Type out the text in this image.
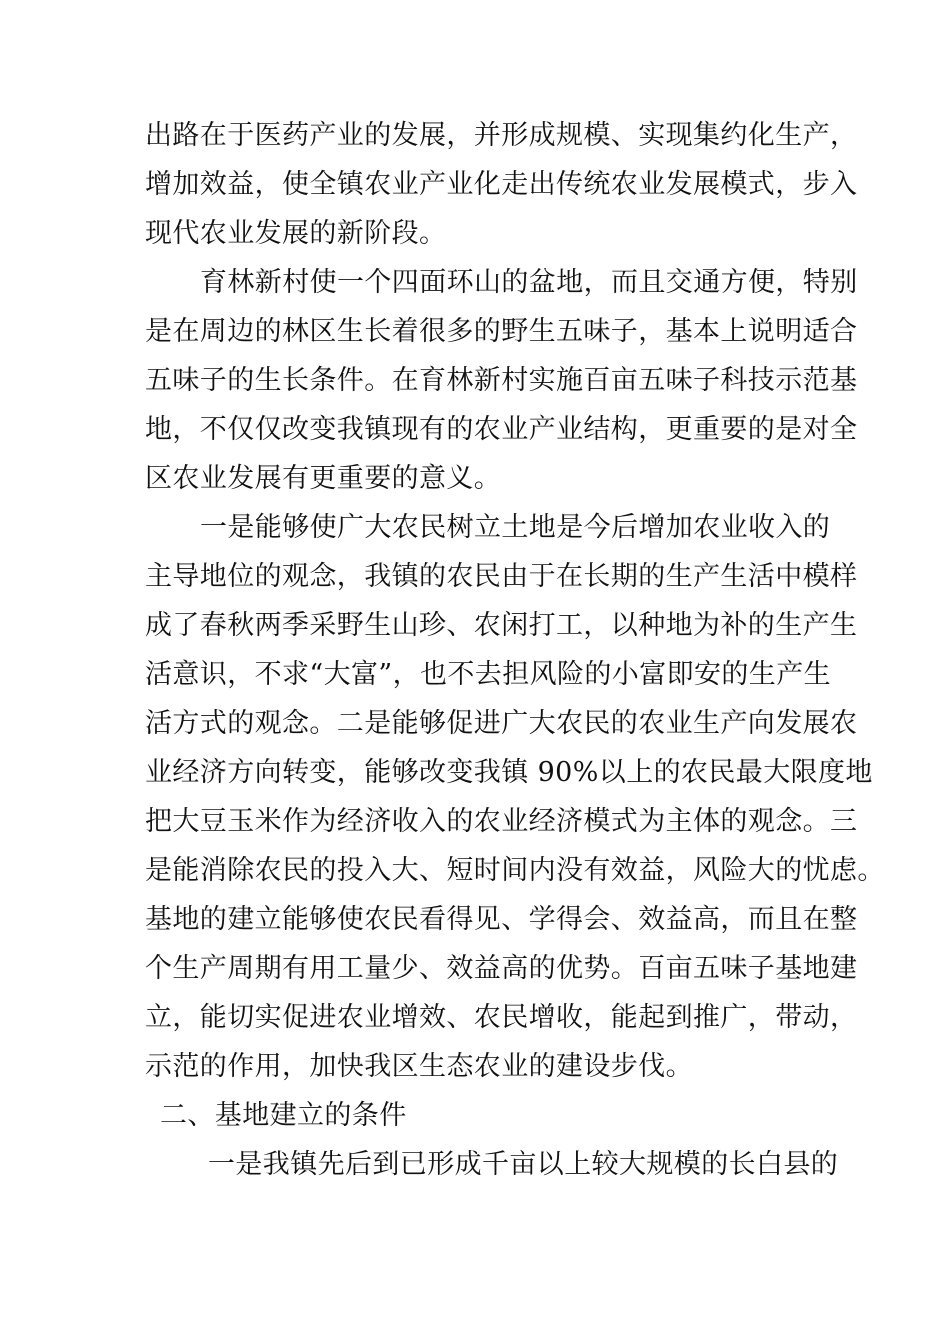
出路在于医药产业的发展，并形成规模、实现集约化生产，

增加效益，使全镇农业产业化走出传统农业发展模式，步入

现代农业发展的新阶段。

育林新村使一个四面环山的盆地，而且交通方便，特别

是在周边的林区生长着很多的野生五味子，基本上说明适合

五味子的生长条件。在育林新村实施百亩五味子科技示范基

地，不仅仅改变我镇现有的农业产业结构，更重要的是对全

区农业发展有更重要的意义。

一是能够使广大农民树立土地是今后增加农业收入的

主导地位的观念，我镇的农民由于在长期的生产生活中模样

成了春秋两季采野生山珍、农闲打工，以种地为补的生产生

活意识，不求“大富”，也不去担风险的小富即安的生产生

活方式的观念。二是能够促进广大农民的农业生产向发展农

业经济方向转变，能够改变我镇 90%以上的农民最大限度地

把大豆玉米作为经济收入的农业经济模式为主体的观念。三

是能消除农民的投入大、短时间内没有效益，风险大的忧虑。

基地的建立能够使农民看得见、学得会、效益高，而且在整

个生产周期有用工量少、效益高的优势。百亩五味子基地建

立，能切实促进农业增效、农民增收，能起到推广，带动，

示范的作用，加快我区生态农业的建设步伐。

二、基地建立的条件

一是我镇先后到已形成千亩以上较大规模的长白县的
